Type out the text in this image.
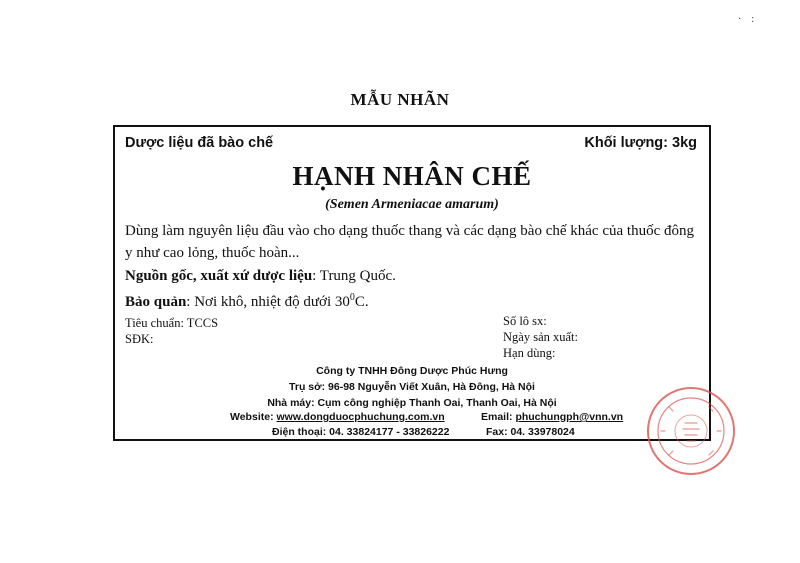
·    :
MẪU NHÃN
Dược liệu đã bào chế	Khối lượng: 3kg
HẠNH NHÂN CHẾ
(Semen Armeniacae amarum)
Dùng làm nguyên liệu đầu vào cho dạng thuốc thang và các dạng bào chế khác của thuốc đông
y như cao lỏng, thuốc hoàn...
Nguồn gốc, xuất xứ dược liệu: Trung Quốc.
Bảo quản: Nơi khô, nhiệt độ dưới $30^0C$.
Tiêu chuẩn: TCCS
SĐK:
Số lô sx:
Ngày sản xuất:
Hạn dùng:
Công ty TNHH Đông Dược Phúc Hưng
Trụ sở: 96-98 Nguyễn Viết Xuân, Hà Đông, Hà Nội
Nhà máy: Cụm công nghiệp Thanh Oai, Thanh Oai, Hà Nội
Website: www.dongduocphuchung.com.vn	Email: phuchungph@vnn.vn
Điện thoại: 04. 33824177 - 33826222	Fax: 04. 33978024
